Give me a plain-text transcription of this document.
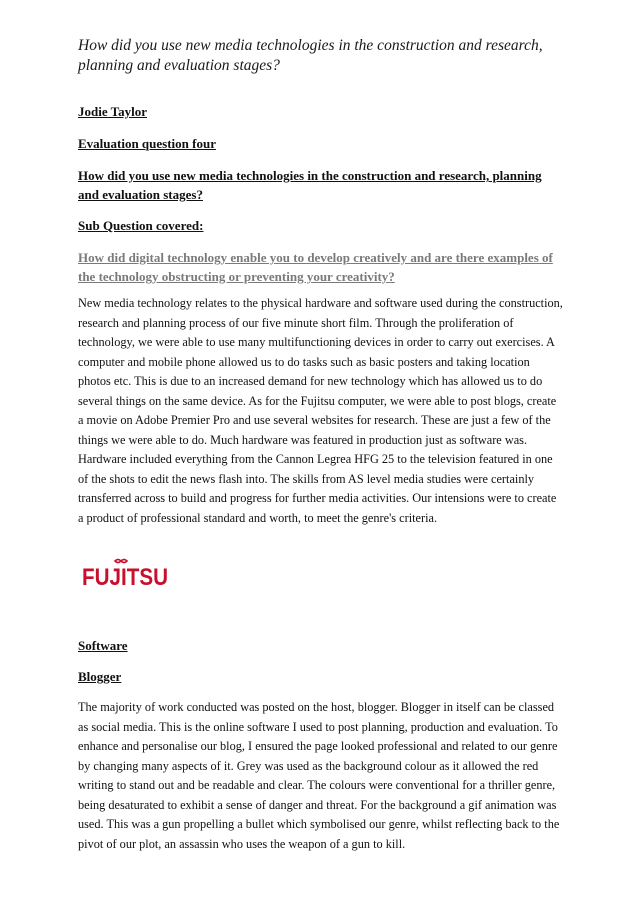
How did you use new media technologies in the construction and research, planning and evaluation stages?

Jodie Taylor

Evaluation question four

How did you use new media technologies in the construction and research, planning and evaluation stages?

Sub Question covered:

How did digital technology enable you to develop creatively and are there examples of the technology obstructing or preventing your creativity?

New media technology relates to the physical hardware and software used during the construction, research and planning process of our five minute short film. Through the proliferation of technology, we were able to use many multifunctioning devices in order to carry out exercises. A computer and mobile phone allowed us to do tasks such as basic posters and taking location photos etc. This is due to an increased demand for new technology which has allowed us to do several things on the same device. As for the Fujitsu computer, we were able to post blogs, create a movie on Adobe Premier Pro and use several websites for research. These are just a few of the things we were able to do. Much hardware was featured in production just as software was. Hardware included everything from the Cannon Legrea HFG 25 to the television featured in one of the shots to edit the news flash into. The skills from AS level media studies were certainly transferred across to build and progress for further media activities. Our intensions were to create a product of professional standard and worth, to meet the genre's criteria.

FUJITSU

Software

Blogger

The majority of work conducted was posted on the host, blogger. Blogger in itself can be classed as social media. This is the online software I used to post planning, production and evaluation. To enhance and personalise our blog, I ensured the page looked professional and related to our genre by changing many aspects of it. Grey was used as the background colour as it allowed the red writing to stand out and be readable and clear. The colours were conventional for a thriller genre, being desaturated to exhibit a sense of danger and threat. For the background a gif animation was used. This was a gun propelling a bullet which symbolised our genre, whilst reflecting back to the pivot of our plot, an assassin who uses the weapon of a gun to kill.
